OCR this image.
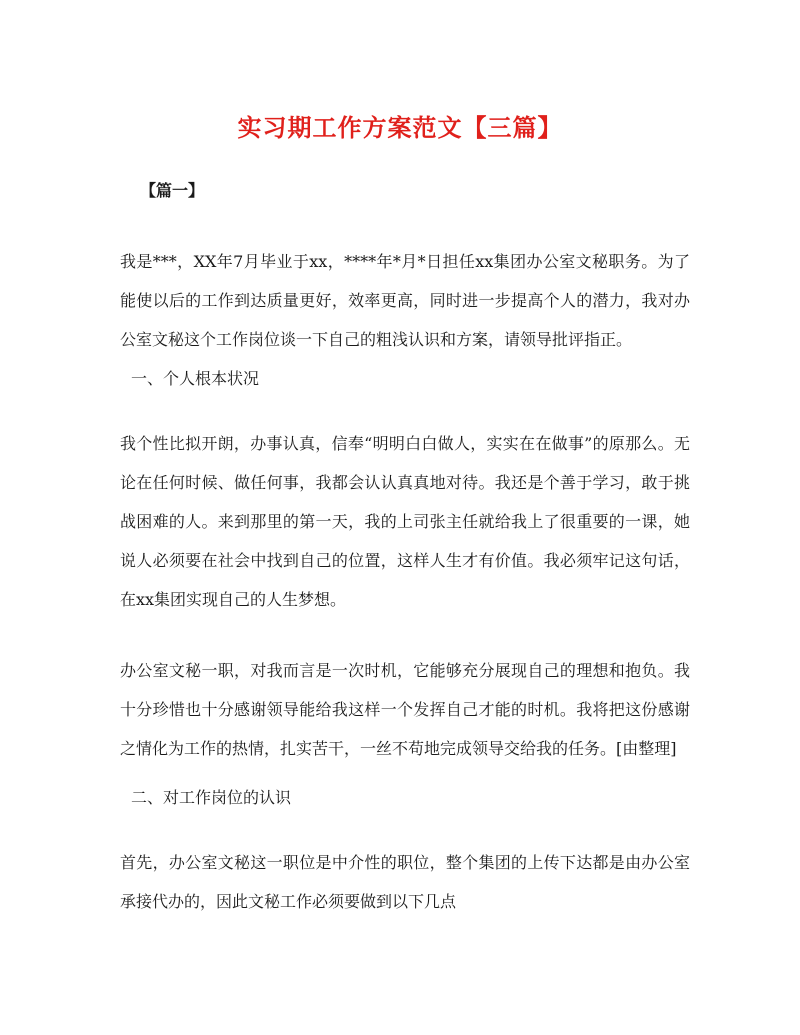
实习期工作方案范文【三篇】
【篇一】

我是***，XX年7月毕业于xx，****年*月*日担任xx集团办公室文秘职务。为了能使以后的工作到达质量更好，效率更高，同时进一步提高个人的潜力，我对办公室文秘这个工作岗位谈一下自己的粗浅认识和方案，请领导批评指正。

一、个人根本状况

我个性比拟开朗，办事认真，信奉“明明白白做人，实实在在做事”的原那么。无论在任何时候、做任何事，我都会认认真真地对待。我还是个善于学习，敢于挑战困难的人。来到那里的第一天，我的上司张主任就给我上了很重要的一课，她说人必须要在社会中找到自己的位置，这样人生才有价值。我必须牢记这句话，在xx集团实现自己的人生梦想。

办公室文秘一职，对我而言是一次时机，它能够充分展现自己的理想和抱负。我十分珍惜也十分感谢领导能给我这样一个发挥自己才能的时机。我将把这份感谢之情化为工作的热情，扎实苦干，一丝不苟地完成领导交给我的任务。[由整理]

二、对工作岗位的认识

首先，办公室文秘这一职位是中介性的职位，整个集团的上传下达都是由办公室承接代办的，因此文秘工作必须要做到以下几点
